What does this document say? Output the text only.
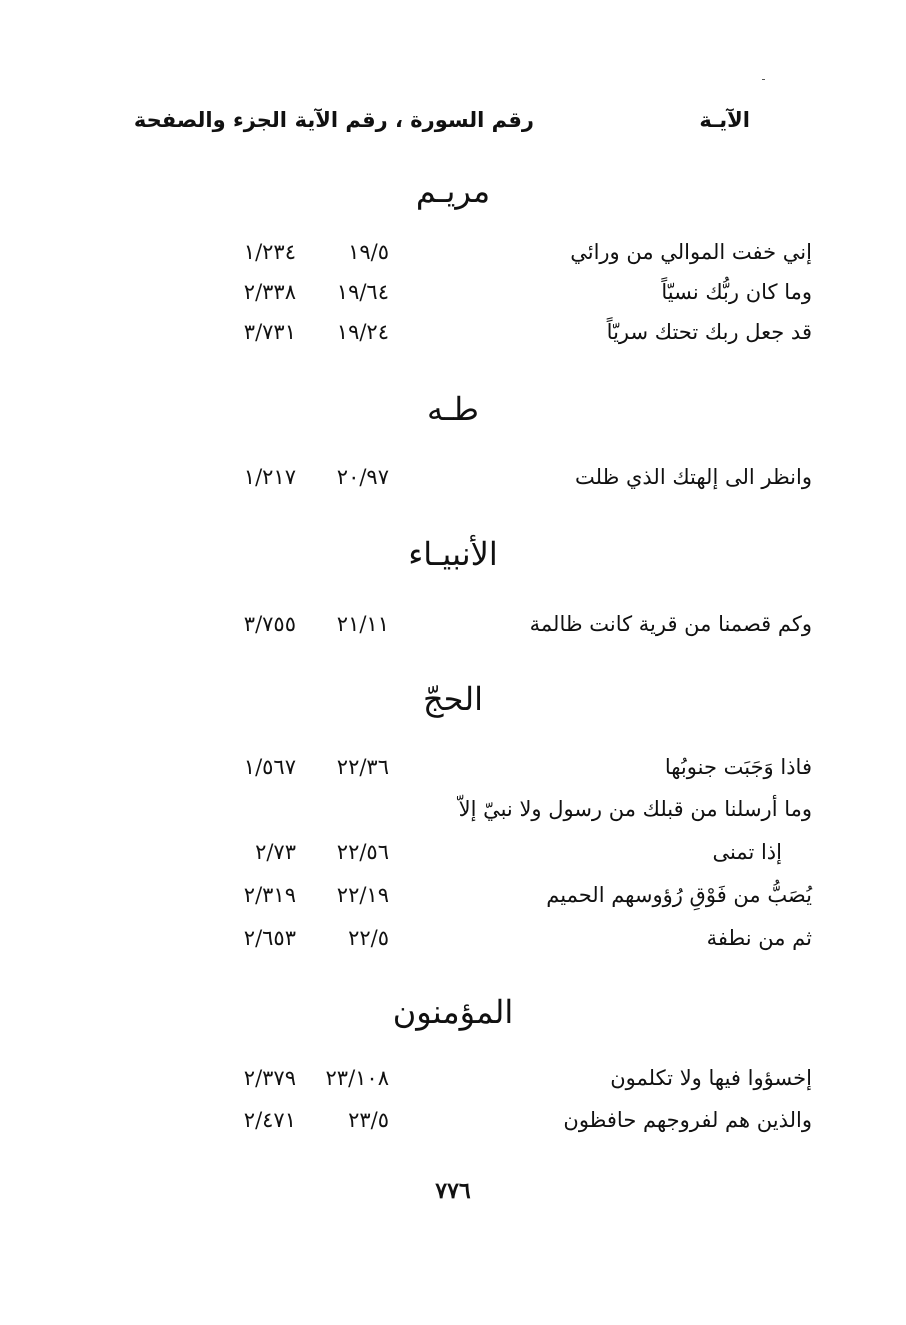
الآيـة
رقم السورة ، رقم الآية
الجزء والصفحة
مريـم
إني خفت الموالي من ورائي
١٩/٥
١/٢٣٤
وما كان ربُّك نسيّاً
١٩/٦٤
٢/٣٣٨
قد جعل ربك تحتك سريّاً
١٩/٢٤
٣/٧٣١
طـه
وانظر الى إلهتك الذي ظلت
٢٠/٩٧
١/٢١٧
الأنبيـاء
وكم قصمنا من قرية كانت ظالمة
٢١/١١
٣/٧٥٥
الحجّ
فاذا وَجَبَت جنوبُها
٢٢/٣٦
١/٥٦٧
وما أرسلنا من قبلك من رسول ولا نبيّ إلاّ
إذا تمنى
٢٢/٥٦
٢/٧٣
يُصَبُّ من فَوْقِ رُؤوسهم الحميم
٢٢/١٩
٢/٣١٩
ثم من نطفة
٢٢/٥
٢/٦٥٣
المؤمنون
إخسؤوا فيها ولا تكلمون
٢٣/١٠٨
٢/٣٧٩
والذين هم لفروجهم حافظون
٢٣/٥
٢/٤٧١
٧٧٦
